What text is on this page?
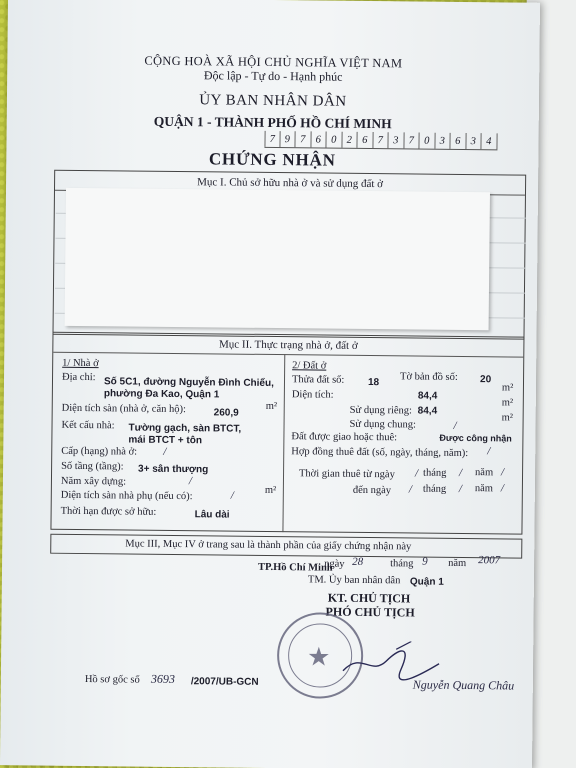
CỘNG HOÀ XÃ HỘI CHỦ NGHĨA VIỆT NAM
Độc lập - Tự do - Hạnh phúc
ỦY BAN NHÂN DÂN
QUẬN 1 - THÀNH PHỐ HỒ CHÍ MINH
7 9 7 6 0 2 6 7 3 7 0 3 6 3 4
CHỨNG NHẬN
Mục I. Chủ sở hữu nhà ở và sử dụng đất ở
Mục II. Thực trạng nhà ở, đất ở
1/ Nhà ở
Địa chỉ: Số 5C1, đường Nguyễn Đình Chiểu,
phường Đa Kao, Quận 1
Diện tích sàn (nhà ở, căn hộ):	260,9
m²
Kết cấu nhà: Tường gạch, sàn BTCT,
mái BTCT + tôn
Cấp (hạng) nhà ở: /
Số tầng (tầng): 3+ sân thượng
Năm xây dựng:	/
Diện tích sàn nhà phụ (nếu có):	/	m²
Thời hạn được sở hữu:	Lâu dài
2/ Đất ở
Thửa đất số: 18 Tờ bản đồ số: 20
Diện tích:	84,4
m²
Sử dụng riêng: 84,4
m²
Sử dụng chung:	/
m²
Đất được giao hoặc thuê:	Được công nhận
Hợp đồng thuê đất (số, ngày, tháng, năm): /
Thời gian thuê từ ngày / tháng / năm /
đến ngày / tháng / năm /
Mục III, Mục IV ở trang sau là thành phần của giấy chứng nhận này
ngày 28	tháng 9 năm 2007
TP.Hồ Chí Minh
TM. Ủy ban nhân dân Quận 1
KT. CHỦ TỊCH
PHÓ CHỦ TỊCH
★
Nguyễn Quang Châu
Hồ sơ gốc số 3693 /2007/UB-GCN
